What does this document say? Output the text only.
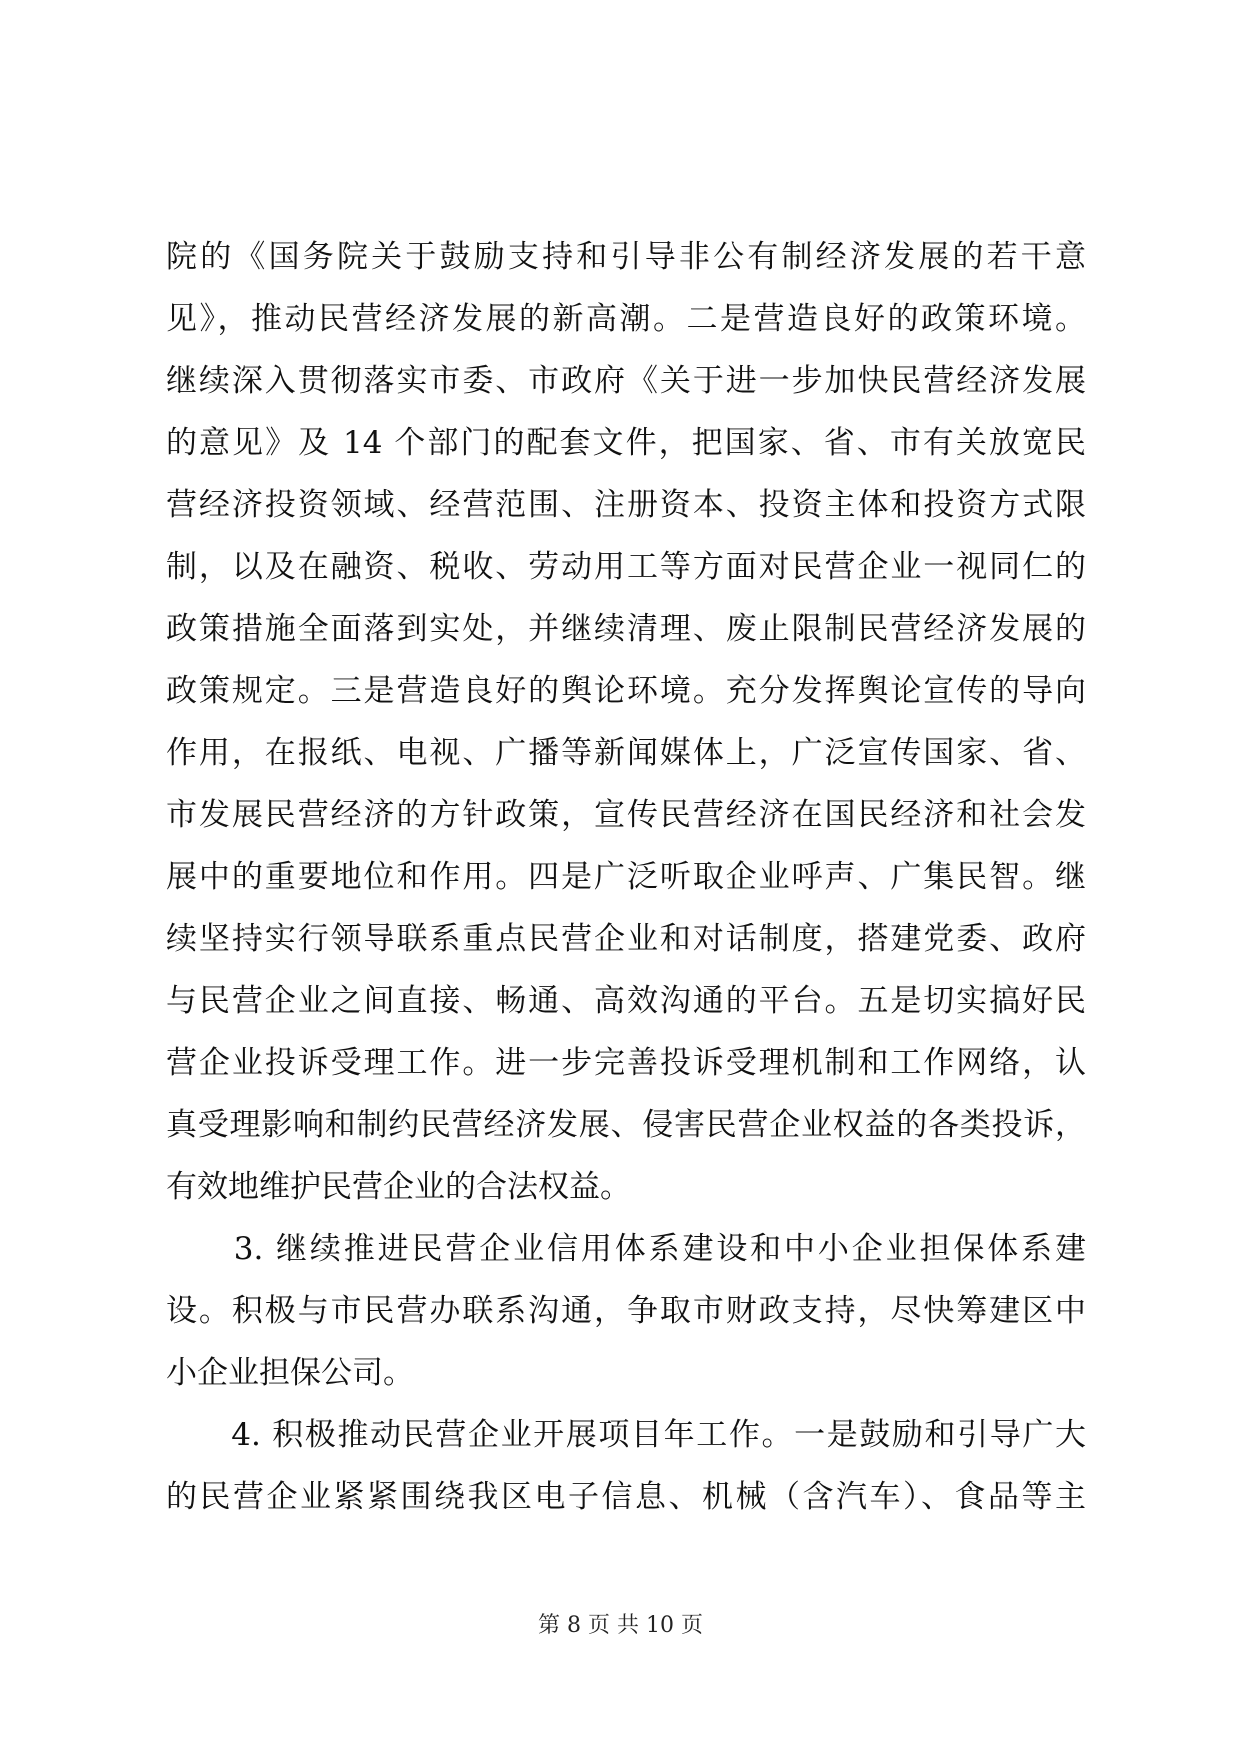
院的《国务院关于鼓励支持和引导非公有制经济发展的若干意
见》，推动民营经济发展的新高潮。二是营造良好的政策环境。
继续深入贯彻落实市委、市政府《关于进一步加快民营经济发展
的意见》及 14 个部门的配套文件，把国家、省、市有关放宽民
营经济投资领域、经营范围、注册资本、投资主体和投资方式限
制，以及在融资、税收、劳动用工等方面对民营企业一视同仁的
政策措施全面落到实处，并继续清理、废止限制民营经济发展的
政策规定。三是营造良好的舆论环境。充分发挥舆论宣传的导向
作用，在报纸、电视、广播等新闻媒体上，广泛宣传国家、省、
市发展民营经济的方针政策，宣传民营经济在国民经济和社会发
展中的重要地位和作用。四是广泛听取企业呼声、广集民智。继
续坚持实行领导联系重点民营企业和对话制度，搭建党委、政府
与民营企业之间直接、畅通、高效沟通的平台。五是切实搞好民
营企业投诉受理工作。进一步完善投诉受理机制和工作网络，认
真受理影响和制约民营经济发展、侵害民营企业权益的各类投诉，
有效地维护民营企业的合法权益。
　　3. 继续推进民营企业信用体系建设和中小企业担保体系建
设。积极与市民营办联系沟通，争取市财政支持，尽快筹建区中
小企业担保公司。
　　4. 积极推动民营企业开展项目年工作。一是鼓励和引导广大
的民营企业紧紧围绕我区电子信息、机械（含汽车）、食品等主
第 8 页 共 10 页
